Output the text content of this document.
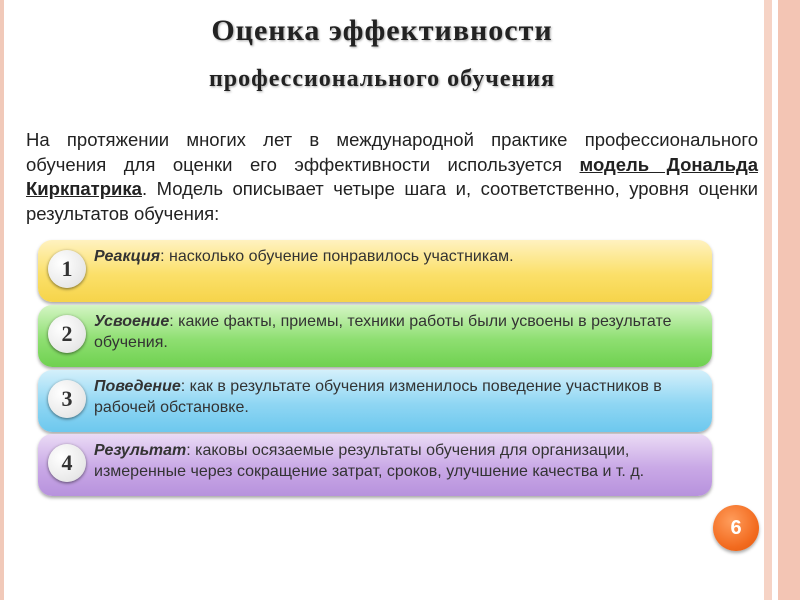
Оценка эффективности
профессионального обучения
На протяжении многих лет в международной практике профессионального обучения для оценки его эффективности используется модель Дональда Киркпатрика. Модель описывает четыре шага и, соответственно, уровня оценки результатов обучения:
1	Реакция: насколько обучение понравилось участникам.
2	Усвоение: какие факты, приемы, техники работы были усвоены в результате обучения.
3	Поведение: как в результате обучения изменилось поведение участников в рабочей обстановке.
4	Результат: каковы осязаемые результаты обучения для организации, измеренные через сокращение затрат, сроков, улучшение качества и т. д.
6
